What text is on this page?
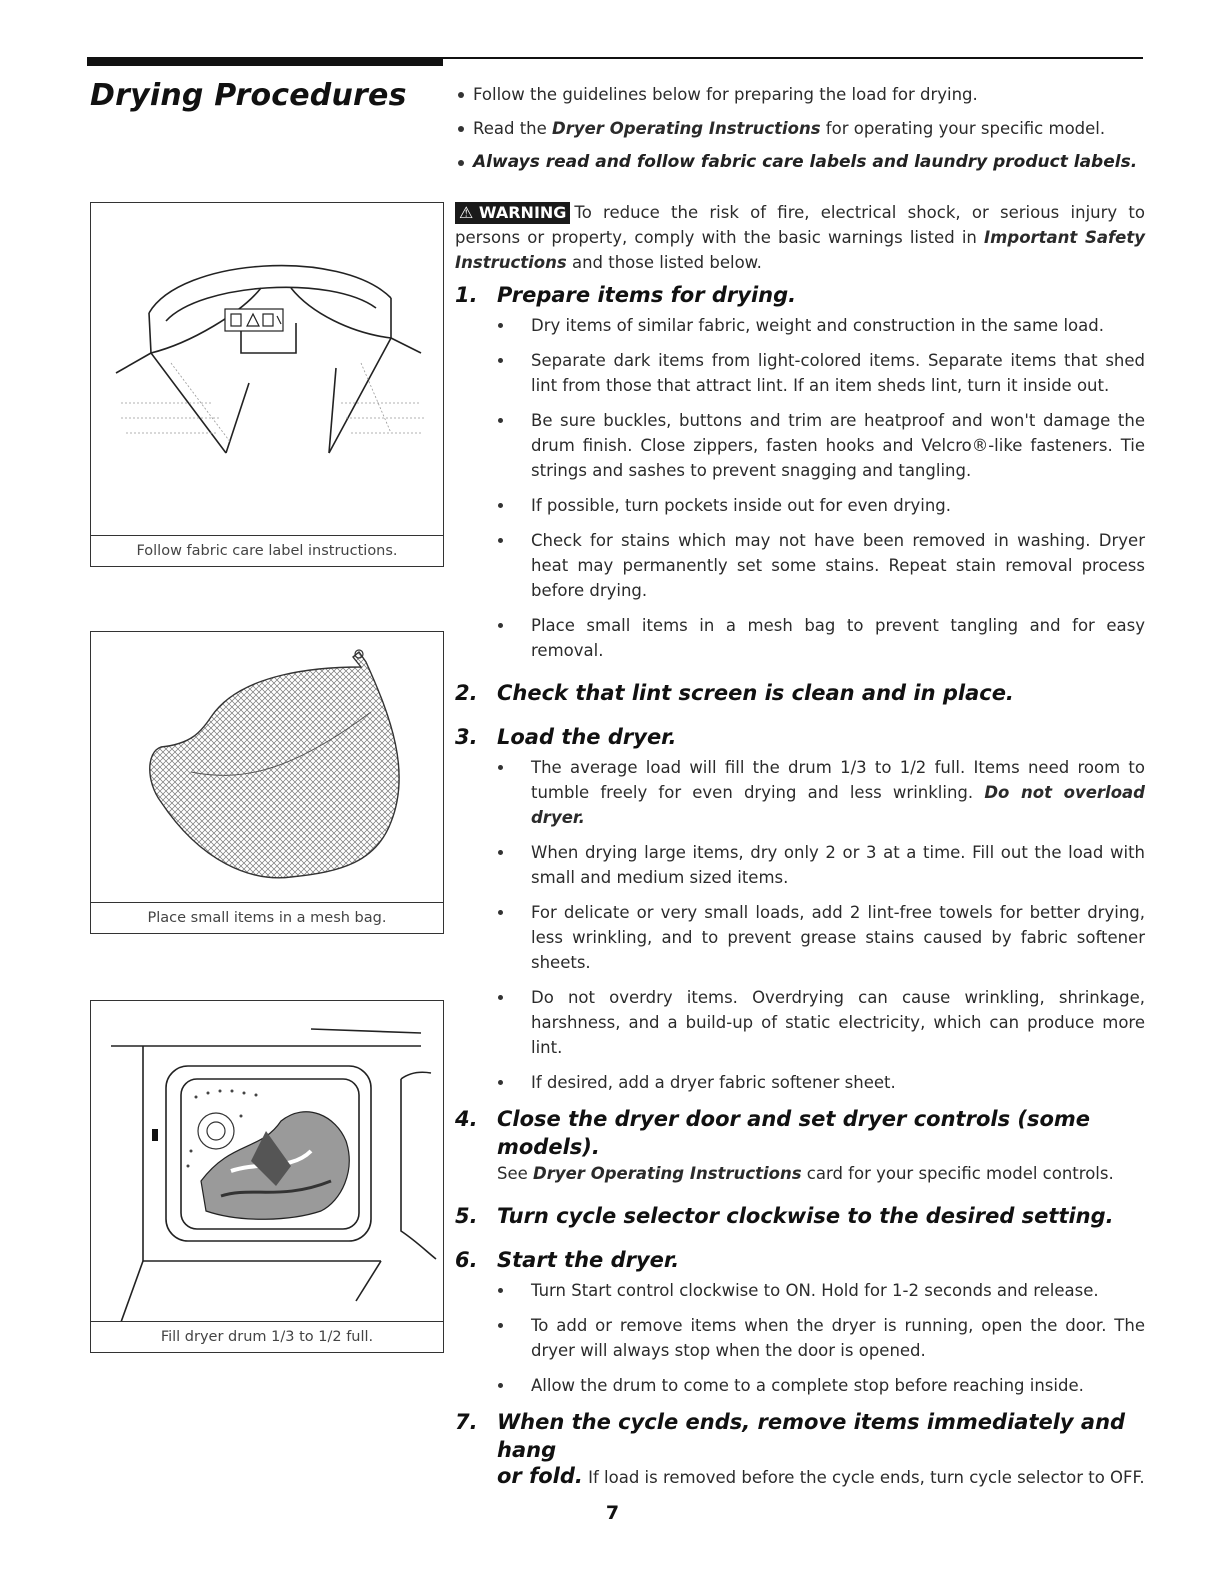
Drying Procedures
Follow fabric care label instructions.
Place small items in a mesh bag.
Fill dryer drum 1/3 to 1/2 full.
Follow the guidelines below for preparing the load for drying.
Read the Dryer Operating Instructions for operating your specific model.
Always read and follow fabric care labels and laundry product labels.
⚠ WARNING To reduce the risk of fire, electrical shock, or serious injury to persons or property, comply with the basic warnings listed in Important Safety Instructions and those listed below.
1. Prepare items for drying.
Dry items of similar fabric, weight and construction in the same load.
Separate dark items from light-colored items. Separate items that shed lint from those that attract lint. If an item sheds lint, turn it inside out.
Be sure buckles, buttons and trim are heatproof and won't damage the drum finish. Close zippers, fasten hooks and Velcro®-like fasteners. Tie strings and sashes to prevent snagging and tangling.
If possible, turn pockets inside out for even drying.
Check for stains which may not have been removed in washing. Dryer heat may permanently set some stains. Repeat stain removal process before drying.
Place small items in a mesh bag to prevent tangling and for easy removal.
2. Check that lint screen is clean and in place.
3. Load the dryer.
The average load will fill the drum 1/3 to 1/2 full. Items need room to tumble freely for even drying and less wrinkling. Do not overload dryer.
When drying large items, dry only 2 or 3 at a time. Fill out the load with small and medium sized items.
For delicate or very small loads, add 2 lint-free towels for better drying, less wrinkling, and to prevent grease stains caused by fabric softener sheets.
Do not overdry items. Overdrying can cause wrinkling, shrinkage, harshness, and a build-up of static electricity, which can produce more lint.
If desired, add a dryer fabric softener sheet.
4. Close the dryer door and set dryer controls (some models).
See Dryer Operating Instructions card for your specific model controls.
5. Turn cycle selector clockwise to the desired setting.
6. Start the dryer.
Turn Start control clockwise to ON. Hold for 1-2 seconds and release.
To add or remove items when the dryer is running, open the door. The dryer will always stop when the door is opened.
Allow the drum to come to a complete stop before reaching inside.
7. When the cycle ends, remove items immediately and hang
or fold. If load is removed before the cycle ends, turn cycle selector to OFF.
7
